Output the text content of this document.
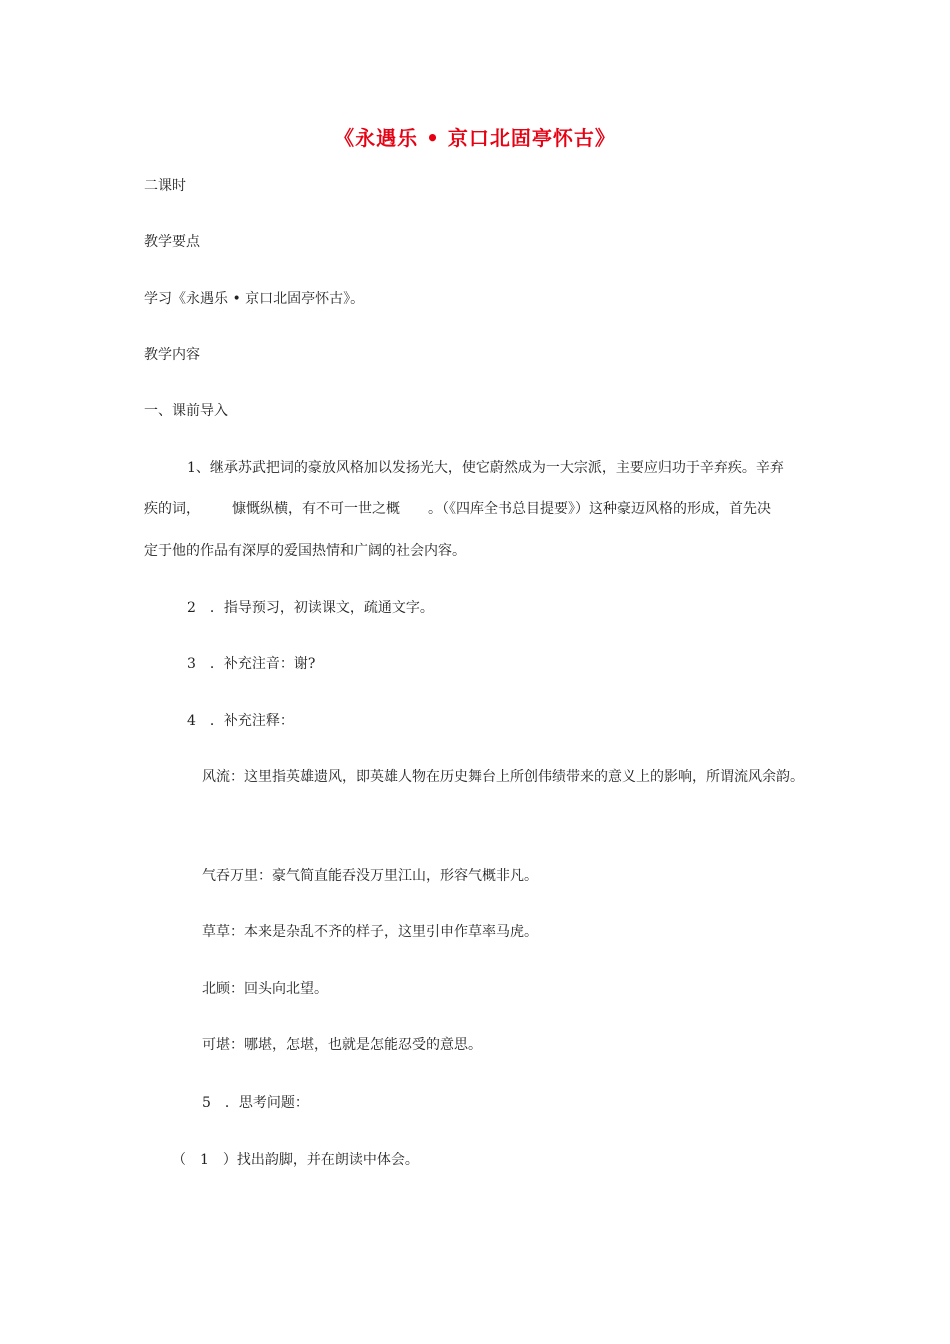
《永遇乐 • 京口北固亭怀古》
二课时
教学要点
学习《永遇乐 • 京口北固亭怀古》。
教学内容
一、课前导入
1、继承苏武把词的豪放风格加以发扬光大，使它蔚然成为一大宗派，主要应归功于辛弃疾。辛弃
疾的词， 慷慨纵横，有不可一世之概 。（《四库全书总目提要》）这种豪迈风格的形成，首先决
定于他的作品有深厚的爱国热情和广阔的社会内容。
2　．指导预习，初读课文，疏通文字。
3　．补充注音：谢?
4　．补充注释：
风流：这里指英雄遗风，即英雄人物在历史舞台上所创伟绩带来的意义上的影响，所谓流风余韵。
气吞万里：豪气简直能吞没万里江山，形容气概非凡。
草草：本来是杂乱不齐的样子，这里引申作草率马虎。
北顾：回头向北望。
可堪：哪堪，怎堪，也就是怎能忍受的意思。
5　．思考问题：
（　1　）找出韵脚，并在朗读中体会。
